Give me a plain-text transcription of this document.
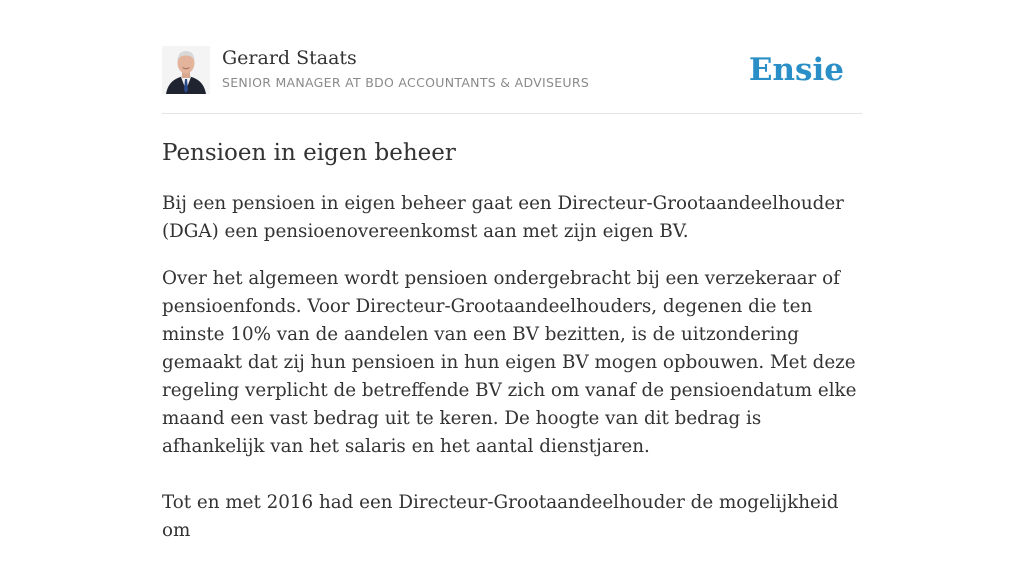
Gerard Staats
SENIOR MANAGER AT BDO ACCOUNTANTS & ADVISEURS	Ensie
Pensioen in eigen beheer

Bij een pensioen in eigen beheer gaat een Directeur-Grootaandeelhouder (DGA) een pensioenovereenkomst aan met zijn eigen BV.

Over het algemeen wordt pensioen ondergebracht bij een verzekeraar of pensioenfonds. Voor Directeur-Grootaandeelhouders, degenen die ten minste 10% van de aandelen van een BV bezitten, is de uitzondering gemaakt dat zij hun pensioen in hun eigen BV mogen opbouwen. Met deze regeling verplicht de betreffende BV zich om vanaf de pensioendatum elke maand een vast bedrag uit te keren. De hoogte van dit bedrag is afhankelijk van het salaris en het aantal dienstjaren.

Tot en met 2016 had een Directeur-Grootaandeelhouder de mogelijkheid om
